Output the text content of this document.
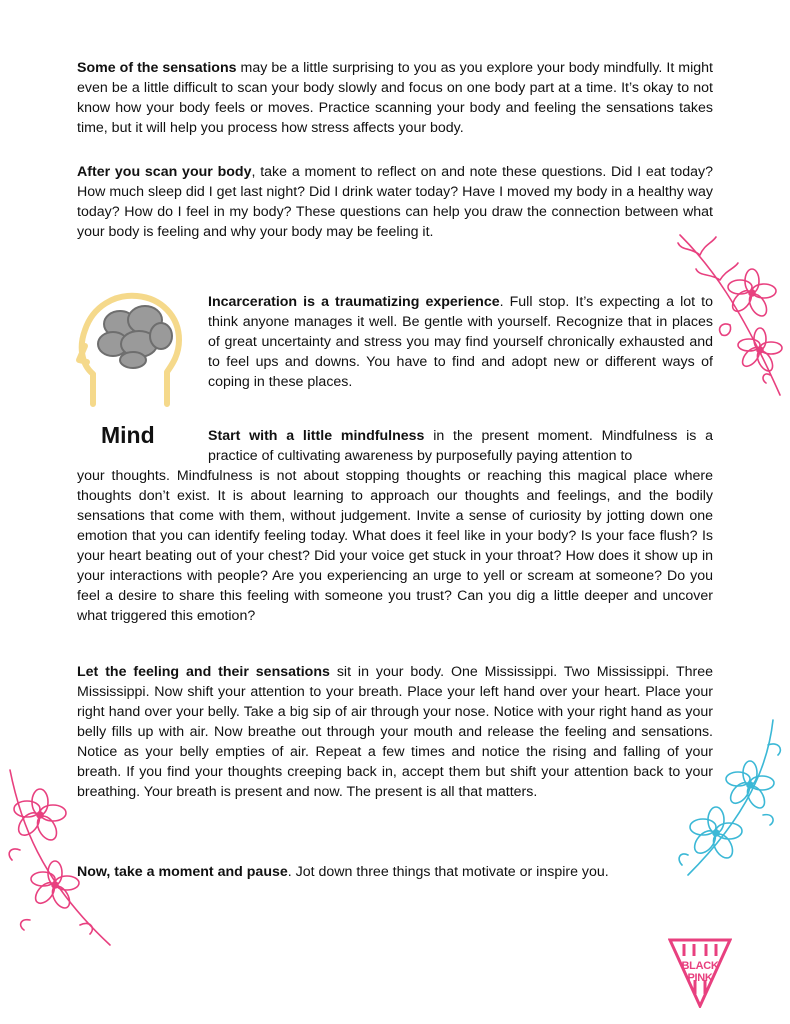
Some of the sensations may be a little surprising to you as you explore your body mindfully. It might even be a little difficult to scan your body slowly and focus on one body part at a time. It’s okay to not know how your body feels or moves. Practice scanning your body and feeling the sensations takes time, but it will help you process how stress affects your body.

After you scan your body, take a moment to reflect on and note these questions. Did I eat today? How much sleep did I get last night? Did I drink water today? Have I moved my body in a healthy way today? How do I feel in my body? These questions can help you draw the connection between what your body is feeling and why your body may be feeling it.

Mind

Incarceration is a traumatizing experience. Full stop. It’s expecting a lot to think anyone manages it well. Be gentle with yourself. Recognize that in places of great uncertainty and stress you may find yourself chronically exhausted and to feel ups and downs. You have to find and adopt new or different ways of coping in these places.

Start with a little mindfulness in the present moment. Mindfulness is a practice of cultivating awareness by purposefully paying attention to

your thoughts. Mindfulness is not about stopping thoughts or reaching this magical place where thoughts don’t exist. It is about learning to approach our thoughts and feelings, and the bodily sensations that come with them, without judgement. Invite a sense of curiosity by jotting down one emotion that you can identify feeling today. What does it feel like in your body? Is your face flush? Is your heart beating out of your chest? Did your voice get stuck in your throat? How does it show up in your interactions with people? Are you experiencing an urge to yell or scream at someone? Do you feel a desire to share this feeling with someone you trust? Can you dig a little deeper and uncover what triggered this emotion?

Let the feeling and their sensations sit in your body. One Mississippi. Two Mississippi. Three Mississippi. Now shift your attention to your breath. Place your left hand over your heart. Place your right hand over your belly. Take a big sip of air through your nose. Notice with your right hand as your belly fills up with air. Now breathe out through your mouth and release the feeling and sensations. Notice as your belly empties of air. Repeat a few times and notice the rising and falling of your breath. If you find your thoughts creeping back in, accept them but shift your attention back to your breathing. Your breath is present and now. The present is all that matters.

Now, take a moment and pause. Jot down three things that motivate or inspire you.

BLACK PINK
